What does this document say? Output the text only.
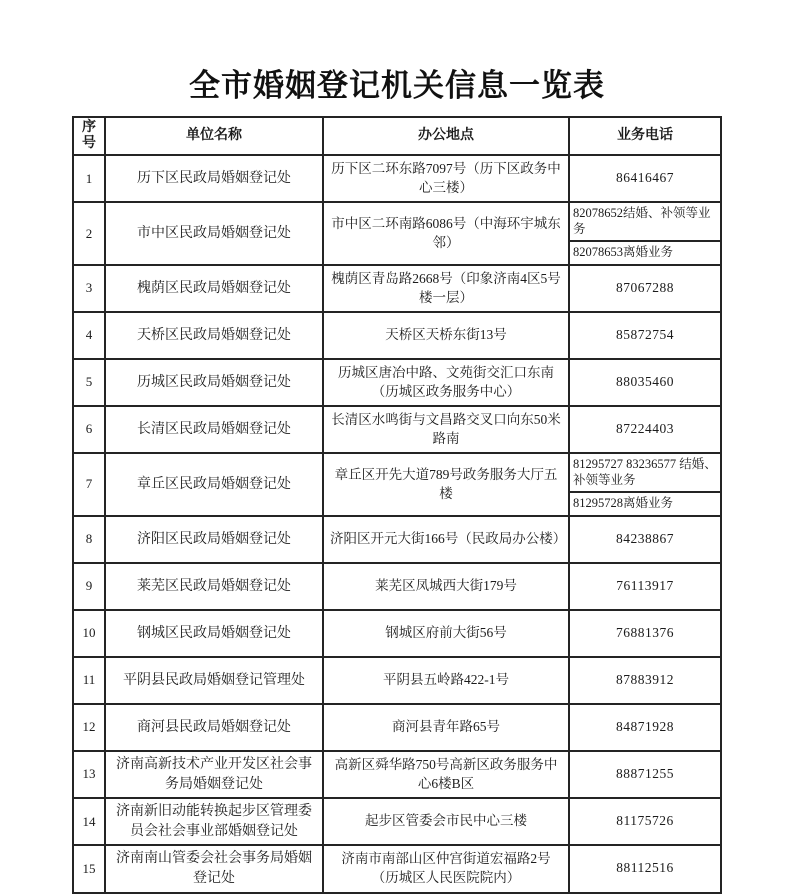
全市婚姻登记机关信息一览表
序号	单位名称	办公地点	业务电话
1	历下区民政局婚姻登记处	历下区二环东路7097号（历下区政务中心三楼）	86416467
2	市中区民政局婚姻登记处	市中区二环南路6086号（中海环宇城东邻）	82078652结婚、补领等业务
82078653离婚业务

3	槐荫区民政局婚姻登记处	槐荫区青岛路2668号（印象济南4区5号楼一层）	87067288
4	天桥区民政局婚姻登记处	天桥区天桥东街13号	85872754
5	历城区民政局婚姻登记处	历城区唐冶中路、文苑街交汇口东南（历城区政务服务中心）	88035460
6	长清区民政局婚姻登记处	长清区水鸣街与文昌路交叉口向东50米路南	87224403
7	章丘区民政局婚姻登记处	章丘区开先大道789号政务服务大厅五楼	81295727 83236577 结婚、补领等业务
81295728离婚业务

8	济阳区民政局婚姻登记处	济阳区开元大街166号（民政局办公楼）	84238867
9	莱芜区民政局婚姻登记处	莱芜区凤城西大街179号	76113917
10	钢城区民政局婚姻登记处	钢城区府前大街56号	76881376
11	平阴县民政局婚姻登记管理处	平阴县五岭路422-1号	87883912
12	商河县民政局婚姻登记处	商河县青年路65号	84871928
13	济南高新技术产业开发区社会事务局婚姻登记处	高新区舜华路750号高新区政务服务中心6楼B区	88871255
14	济南新旧动能转换起步区管理委员会社会事业部婚姻登记处	起步区管委会市民中心三楼	81175726
15	济南南山管委会社会事务局婚姻登记处	济南市南部山区仲宫街道宏福路2号（历城区人民医院院内）	88112516
